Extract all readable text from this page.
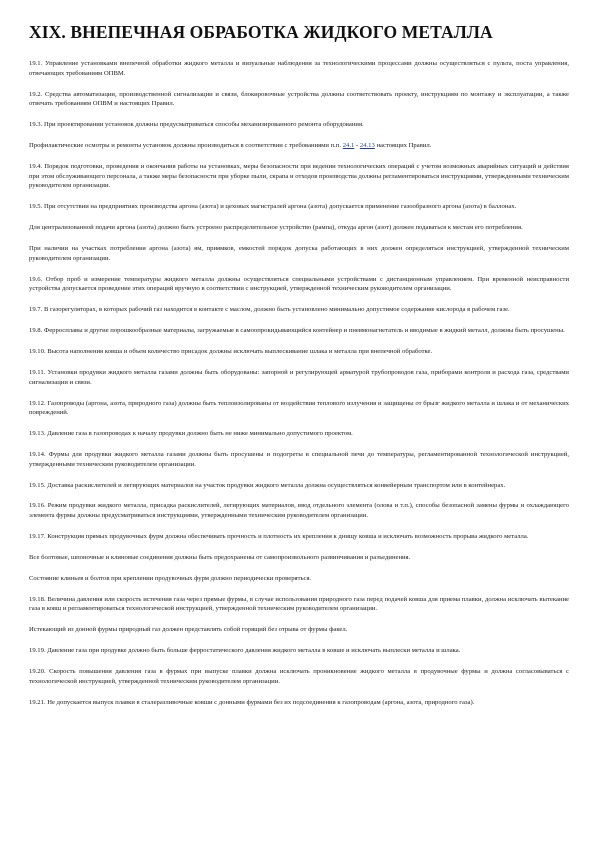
XIX. ВНЕПЕЧНАЯ ОБРАБОТКА ЖИДКОГО МЕТАЛЛА

19.1. Управление установками внепечной обработки жидкого металла и визуальные наблюдения за технологическими процессами должны осуществляться с пульта, поста управления, отвечающих требованиям ОПВМ.

19.2. Средства автоматизации, производственной сигнализации и связи, блокировочные устройства должны соответствовать проекту, инструкциям по монтажу и эксплуатации, а также отвечать требованиям ОПВМ и настоящих Правил.

19.3. При проектировании установок должны предусматриваться способы механизированного ремонта оборудования.

Профилактические осмотры и ремонты установок должны производиться в соответствии с требованиями п.п. 24.1 - 24.13 настоящих Правил.

19.4. Порядок подготовки, проведения и окончания работы на установках, меры безопасности при ведении технологических операций с учетом возможных аварийных ситуаций и действия при этом обслуживающего персонала, а также меры безопасности при уборке пыли, скрапа и отходов производства должны регламентироваться инструкциями, утвержденными техническим руководителем организации.

19.5. При отсутствии на предприятиях производства аргона (азота) и цеховых магистралей аргона (азота) допускается применение газообразного аргона (азота) в баллонах.

Для централизованной подачи аргона (азота) должно быть устроено распределительное устройство (рампа), откуда аргон (азот) должен подаваться к местам его потребления.

При наличии на участках потребления аргона (азота) ям, приямков, емкостей порядок допуска работающих в них должен определяться инструкцией, утвержденной техническим руководителем организации.

19.6. Отбор проб и измерение температуры жидкого металла должны осуществляться специальными устройствами с дистанционным управлением. При временной неисправности устройства допускается проведение этих операций вручную в соответствии с инструкцией, утвержденной техническим руководителем организации.

19.7. В газорегуляторах, в которых рабочий газ находится в контакте с маслом, должно быть установлено минимально допустимое содержание кислорода в рабочем газе.

19.8. Ферросплавы и другие порошкообразные материалы, загружаемые в самоопрокидывающийся контейнер и пневмонагнетатель и вводимые в жидкий металл, должны быть просушены.

19.10. Высота наполнения ковша и объем количество присадок должны исключать выплескивание шлака и металла при внепечной обработке.

19.11. Установки продувки жидкого металла газами должны быть оборудованы: запорной и регулирующей арматурой трубопроводов газа, приборами контроля и расхода газа, средствами сигнализации и связи.

19.12. Газопроводы (аргона, азота, природного газа) должны быть теплоизолированы от воздействия теплового излучения и защищены от брызг жидкого металла и шлака и от механических повреждений.

19.13. Давление газа в газопроводах к началу продувки должно быть не ниже минимально допустимого проектом.

19.14. Фурмы для продувки жидкого металла газами должны быть просушены и подогреты в специальной печи до температуры, регламентированной технологической инструкцией, утвержденными техническим руководителем организации.

19.15. Доставка раскислителей и легирующих материалов на участок продувки жидкого металла должна осуществляться конвейерным транспортом или в контейнерах.

19.16. Режим продувки жидкого металла, присадка раскислителей, легирующих материалов, ввод отдельного элемента (олова и т.п.), способы безопасной замены фурмы и охлаждающего элемента фурмы должны предусматриваться инструкциями, утвержденными техническим руководителем организации.

19.17. Конструкция прямых продувочных фурм должна обеспечивать прочность и плотность их крепления к днищу ковша и исключать возможность прорыва жидкого металла.

Все болтовые, шпоночные и клиновые соединения должны быть предохранены от самопроизвольного развинчивания и разъединения.

Состояние клиньев и болтов при креплении продувочных фурм должно периодически проверяться.

19.18. Величина давления или скорость истечения газа через прямые фурмы, в случае использования природного газа перед подачей ковша для приема плавки, должна исключать вытекание газа в ковш и регламентироваться технологической инструкцией, утвержденной техническим руководителем организации.

Истекающий из донной фурмы природный газ должен представлять собой горящий без отрыва от фурмы факел.

19.19. Давление газа при продувке должно быть больше ферростатического давления жидкого металла в ковше и исключать выплески металла и шлака.

19.20. Скорость повышения давления газа в фурмах при выпуске плавки должна исключать проникновение жидкого металла в продувочные фурмы и должна согласовываться с технологической инструкцией, утвержденной техническим руководителем организации.

19.21. Не допускается выпуск плавки в сталеразливочные ковши с донными фурмами без их подсоединения к газопроводам (аргона, азота, природного газа).
